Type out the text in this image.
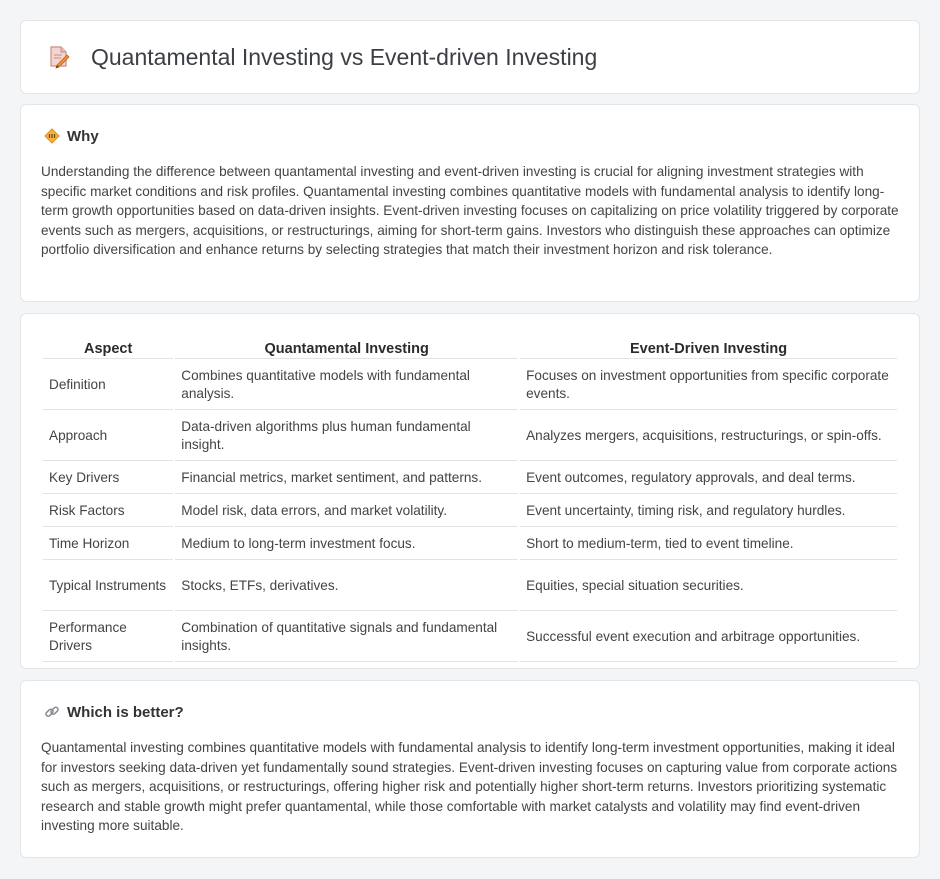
Quantamental Investing vs Event-driven Investing
Why

Understanding the difference between quantamental investing and event-driven investing is crucial for aligning investment strategies with specific market conditions and risk profiles. Quantamental investing combines quantitative models with fundamental analysis to identify long-term growth opportunities based on data-driven insights. Event-driven investing focuses on capitalizing on price volatility triggered by corporate events such as mergers, acquisitions, or restructurings, aiming for short-term gains. Investors who distinguish these approaches can optimize portfolio diversification and enhance returns by selecting strategies that match their investment horizon and risk tolerance.

Aspect	Quantamental Investing	Event-Driven Investing
Definition	Combines quantitative models with fundamental analysis.	Focuses on investment opportunities from specific corporate events.
Approach	Data-driven algorithms plus human fundamental insight.	Analyzes mergers, acquisitions, restructurings, or spin-offs.
Key Drivers	Financial metrics, market sentiment, and patterns.	Event outcomes, regulatory approvals, and deal terms.
Risk Factors	Model risk, data errors, and market volatility.	Event uncertainty, timing risk, and regulatory hurdles.
Time Horizon	Medium to long-term investment focus.	Short to medium-term, tied to event timeline.
Typical Instruments	Stocks, ETFs, derivatives.	Equities, special situation securities.
Performance Drivers	Combination of quantitative signals and fundamental insights.	Successful event execution and arbitrage opportunities.
Which is better?

Quantamental investing combines quantitative models with fundamental analysis to identify long-term investment opportunities, making it ideal for investors seeking data-driven yet fundamentally sound strategies. Event-driven investing focuses on capturing value from corporate actions such as mergers, acquisitions, or restructurings, offering higher risk and potentially higher short-term returns. Investors prioritizing systematic research and stable growth might prefer quantamental, while those comfortable with market catalysts and volatility may find event-driven investing more suitable.
